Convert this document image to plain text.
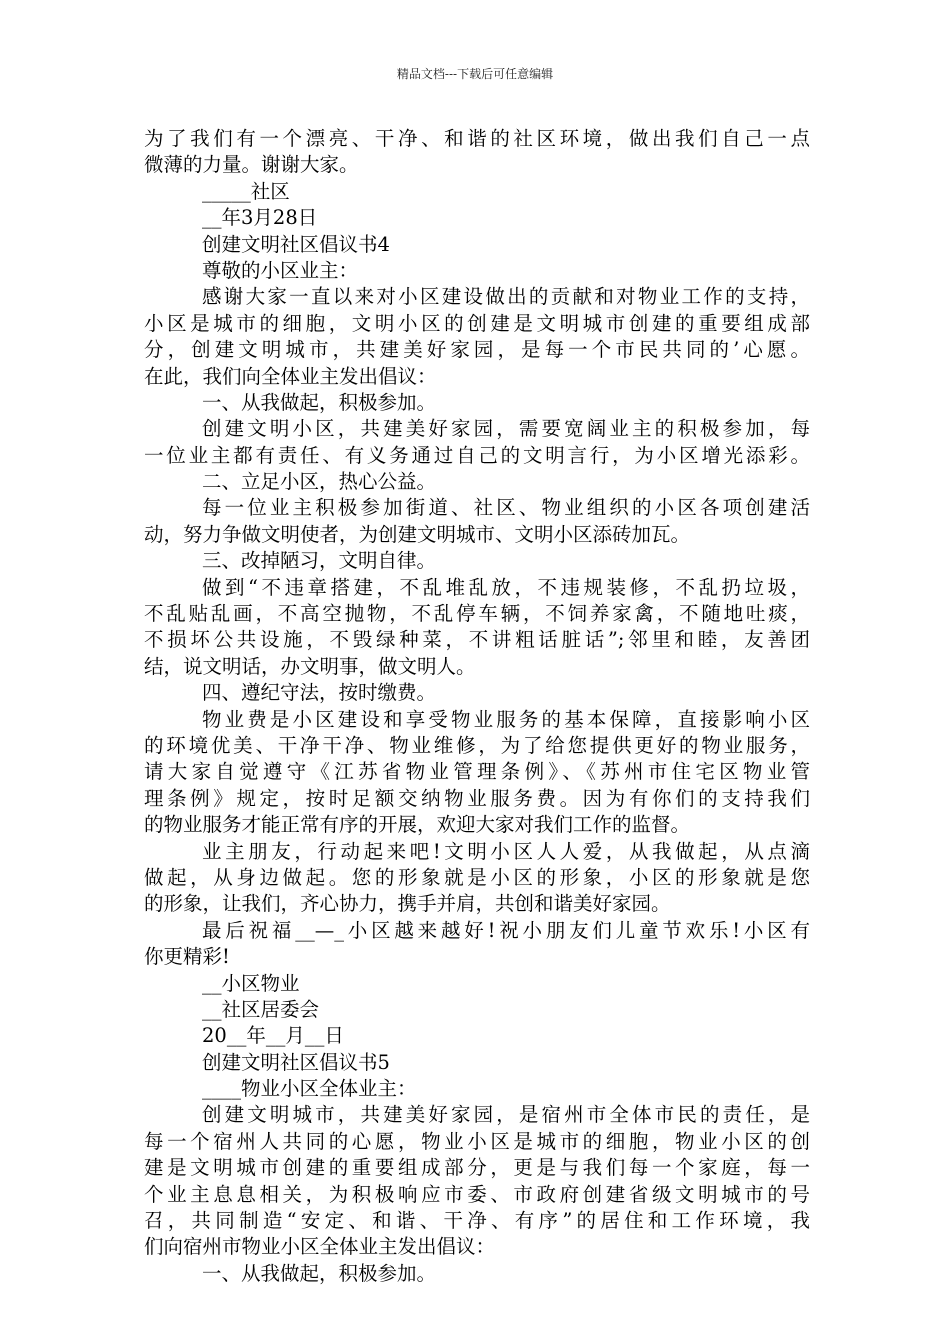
精品文档---下载后可任意编辑
为了我们有一个漂亮、干净、和谐的社区环境，做出我们自己一点
微薄的力量。谢谢大家。
_____社区
__年3月28日
创建文明社区倡议书4
尊敬的小区业主：
感谢大家一直以来对小区建设做出的贡献和对物业工作的支持，
小区是城市的细胞，文明小区的创建是文明城市创建的重要组成部
分，创建文明城市，共建美好家园，是每一个市民共同的’心愿。
在此，我们向全体业主发出倡议：
一、从我做起，积极参加。
创建文明小区，共建美好家园，需要宽阔业主的积极参加，每
一位业主都有责任、有义务通过自己的文明言行，为小区增光添彩。
二、立足小区，热心公益。
每一位业主积极参加街道、社区、物业组织的小区各项创建活
动，努力争做文明使者，为创建文明城市、文明小区添砖加瓦。
三、改掉陋习，文明自律。
做到“不违章搭建，不乱堆乱放，不违规装修，不乱扔垃圾，
不乱贴乱画，不高空抛物，不乱停车辆，不饲养家禽，不随地吐痰，
不损坏公共设施，不毁绿种菜，不讲粗话脏话”;邻里和睦，友善团
结，说文明话，办文明事，做文明人。
四、遵纪守法，按时缴费。
物业费是小区建设和享受物业服务的基本保障，直接影响小区
的环境优美、干净干净、物业维修，为了给您提供更好的物业服务，
请大家自觉遵守《江苏省物业管理条例》、《苏州市住宅区物业管
理条例》规定，按时足额交纳物业服务费。因为有你们的支持我们
的物业服务才能正常有序的开展，欢迎大家对我们工作的监督。
业主朋友，行动起来吧!文明小区人人爱，从我做起，从点滴
做起，从身边做起。您的形象就是小区的形象，小区的形象就是您
的形象，让我们，齐心协力，携手并肩，共创和谐美好家园。
最后祝福__—_小区越来越好!祝小朋友们儿童节欢乐!小区有
你更精彩!
__小区物业
__社区居委会
20__年__月__日
创建文明社区倡议书5
____物业小区全体业主：
创建文明城市，共建美好家园，是宿州市全体市民的责任，是
每一个宿州人共同的心愿，物业小区是城市的细胞，物业小区的创
建是文明城市创建的重要组成部分，更是与我们每一个家庭，每一
个业主息息相关，为积极响应市委、市政府创建省级文明城市的号
召，共同制造“安定、和谐、干净、有序”的居住和工作环境，我
们向宿州市物业小区全体业主发出倡议：
一、从我做起，积极参加。
